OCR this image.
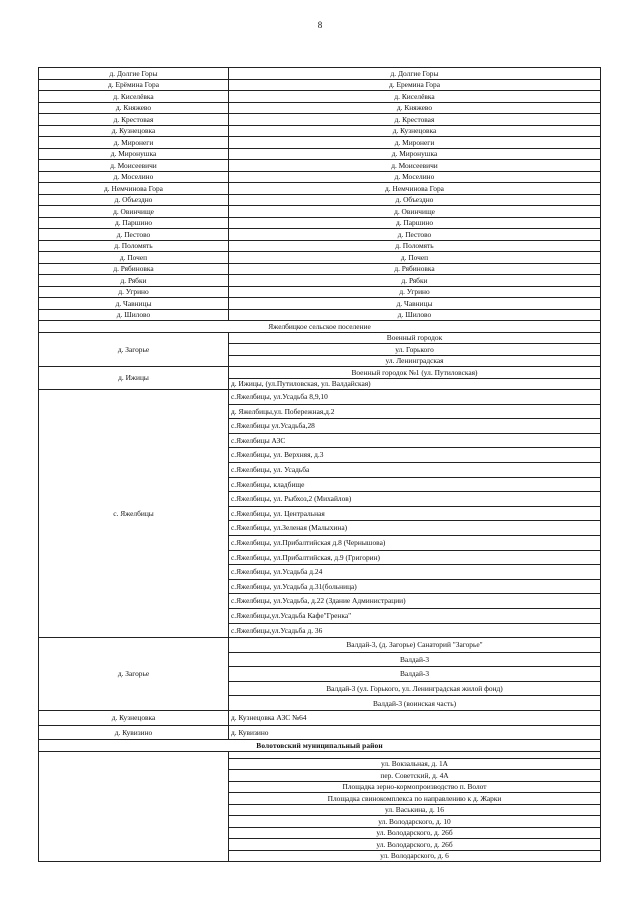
8
д. Долгие Горы	д. Долгие Горы
д. Ерёмина Гора	д. Еремина Гора
д. Киселёвка	д. Киселёвка
д. Княжево	д. Княжево
д. Крестовая	д. Крестовая
д. Кузнецовка	д. Кузнецовка
д. Миронеги	д. Миронеги
д. Миронушка	д. Миронушка
д. Моисеевичи	д. Моисеевичи
д. Моселино	д. Моселино
д. Немчинова Гора	д. Немчинова Гора
д. Объездно	д. Объездно
д. Овинчище	д. Овинчище
д. Паршино	д. Паршино
д. Пестово	д. Пестово
д. Поломять	д. Поломять
д. Почеп	д. Почеп
д. Рябиновка	д. Рябиновка
д. Рябки	д. Рябки
д. Угрино	д. Угрино
д. Чавницы	д. Чавницы
д. Шилово	д. Шилово
Яжелбицкое сельское поселение	
д. Загорье	Военный городок
	ул. Горького
	ул. Ленинградская
д. Ижицы	Военный городок №1 (ул. Путиловская)
	д. Ижицы, (ул.Путиловская, ул. Валдайская)
с. Яжелбицы	с.Яжелбицы, ул.Усадьба 8,9,10
	д. Яжелбицы,ул. Побережная,д.2
	с.Яжелбицы ул.Усадьба,28
	с.Яжелбицы АЗС
	с.Яжелбицы, ул. Верхняя, д.3
	с.Яжелбицы, ул. Усадьба
	с.Яжелбицы, кладбище
	с.Яжелбицы, ул. Рыбхоз,2 (Михайлов)
	с.Яжелбицы, ул. Центральная
	с.Яжелбицы, ул.Зеленая (Малыхина)
	с.Яжелбицы, ул.Прибалтийская д.8 (Чернышова)
	с.Яжелбицы, ул.Прибалтийская, д.9 (Григорин)
	с.Яжелбицы, ул.Усадьба д.24
	с.Яжелбицы, ул.Усадьба д.31(больница)
	с.Яжелбицы, ул.Усадьба, д.22 (Здание Администрации)
	с.Яжелбицы,ул.Усадьба Кафе"Гренка"
	с.Яжелбицы,ул.Усадьба д. 36
д. Загорье	Валдай-3, (д. Загорье) Санаторий "Загорье"
	Валдай-3
	Валдай-3
	Валдай-3 (ул. Горького, ул. Ленинградская жилой фонд)
	Валдай-3 (воинская часть)
д. Кузнецовка	д. Кузнецовка АЗС №64
д. Кувизино	д. Кувизино
Волотовский муниципальный район	

	ул. Вокзальная, д. 1А
	пер. Советский, д. 4А
	Площадка зерно-кормопроизводство п. Волот
	Площадка свинокомплекса по направлению к д. Жарки
	ул. Васькина, д. 16
	ул. Володарского, д. 10
	ул. Володарского, д. 26б
	ул. Володарского, д. 26б
	ул. Володарского, д. 6
